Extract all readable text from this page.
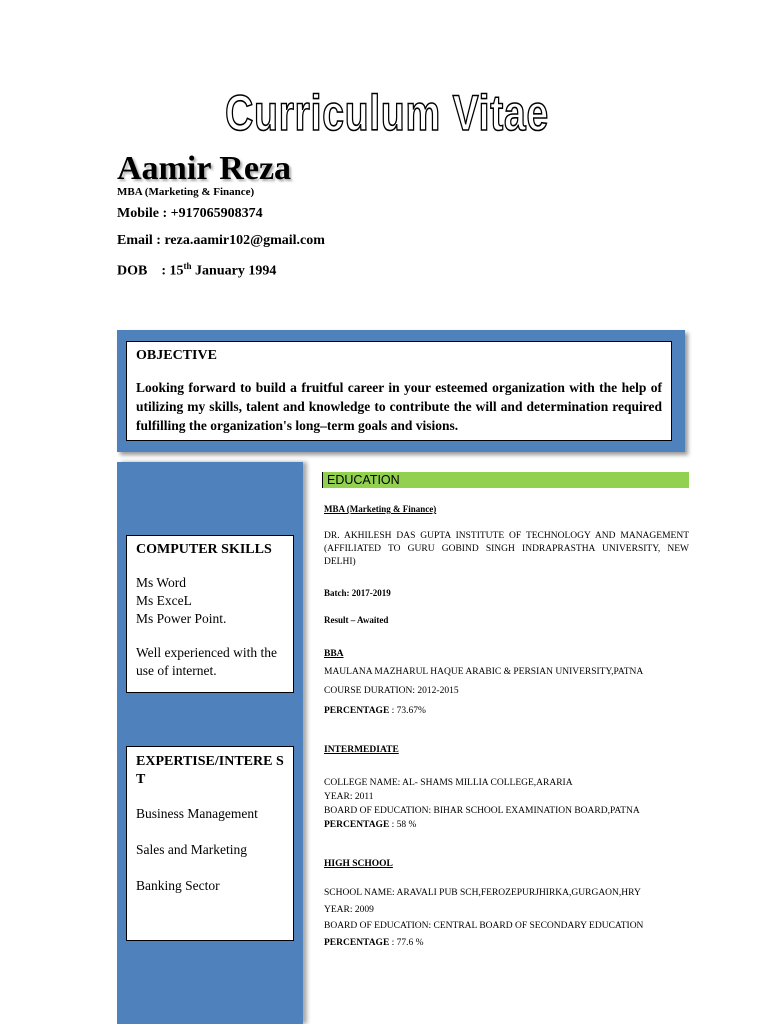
Curriculum Vitae
Aamir Reza
MBA (Marketing & Finance)
Mobile : +917065908374
Email : reza.aamir102@gmail.com
DOB : 15th January 1994
OBJECTIVE
Looking forward to build a fruitful career in your esteemed organization with the help of utilizing my skills, talent and knowledge to contribute the will and determination required fulfilling the organization's long–term goals and visions.
COMPUTER SKILLS
Ms Word
Ms ExceL
Ms Power Point.
Well experienced with the use of internet.
EXPERTISE/INTERE ST
Business Management
Sales and Marketing
Banking Sector
EDUCATION
MBA (Marketing & Finance)
DR. AKHILESH DAS GUPTA INSTITUTE OF TECHNOLOGY AND MANAGEMENT (AFFILIATED TO GURU GOBIND SINGH INDRAPRASTHA UNIVERSITY, NEW DELHI)
Batch: 2017-2019
Result – Awaited
BBA
MAULANA MAZHARUL HAQUE ARABIC & PERSIAN UNIVERSITY,PATNA
COURSE DURATION: 2012-2015
PERCENTAGE : 73.67%
INTERMEDIATE
COLLEGE NAME: AL- SHAMS MILLIA COLLEGE,ARARIA
YEAR: 2011
BOARD OF EDUCATION: BIHAR SCHOOL EXAMINATION BOARD,PATNA
PERCENTAGE : 58 %
HIGH SCHOOL
SCHOOL NAME: ARAVALI PUB SCH,FEROZEPURJHIRKA,GURGAON,HRY
YEAR: 2009
BOARD OF EDUCATION: CENTRAL BOARD OF SECONDARY EDUCATION
PERCENTAGE : 77.6 %
